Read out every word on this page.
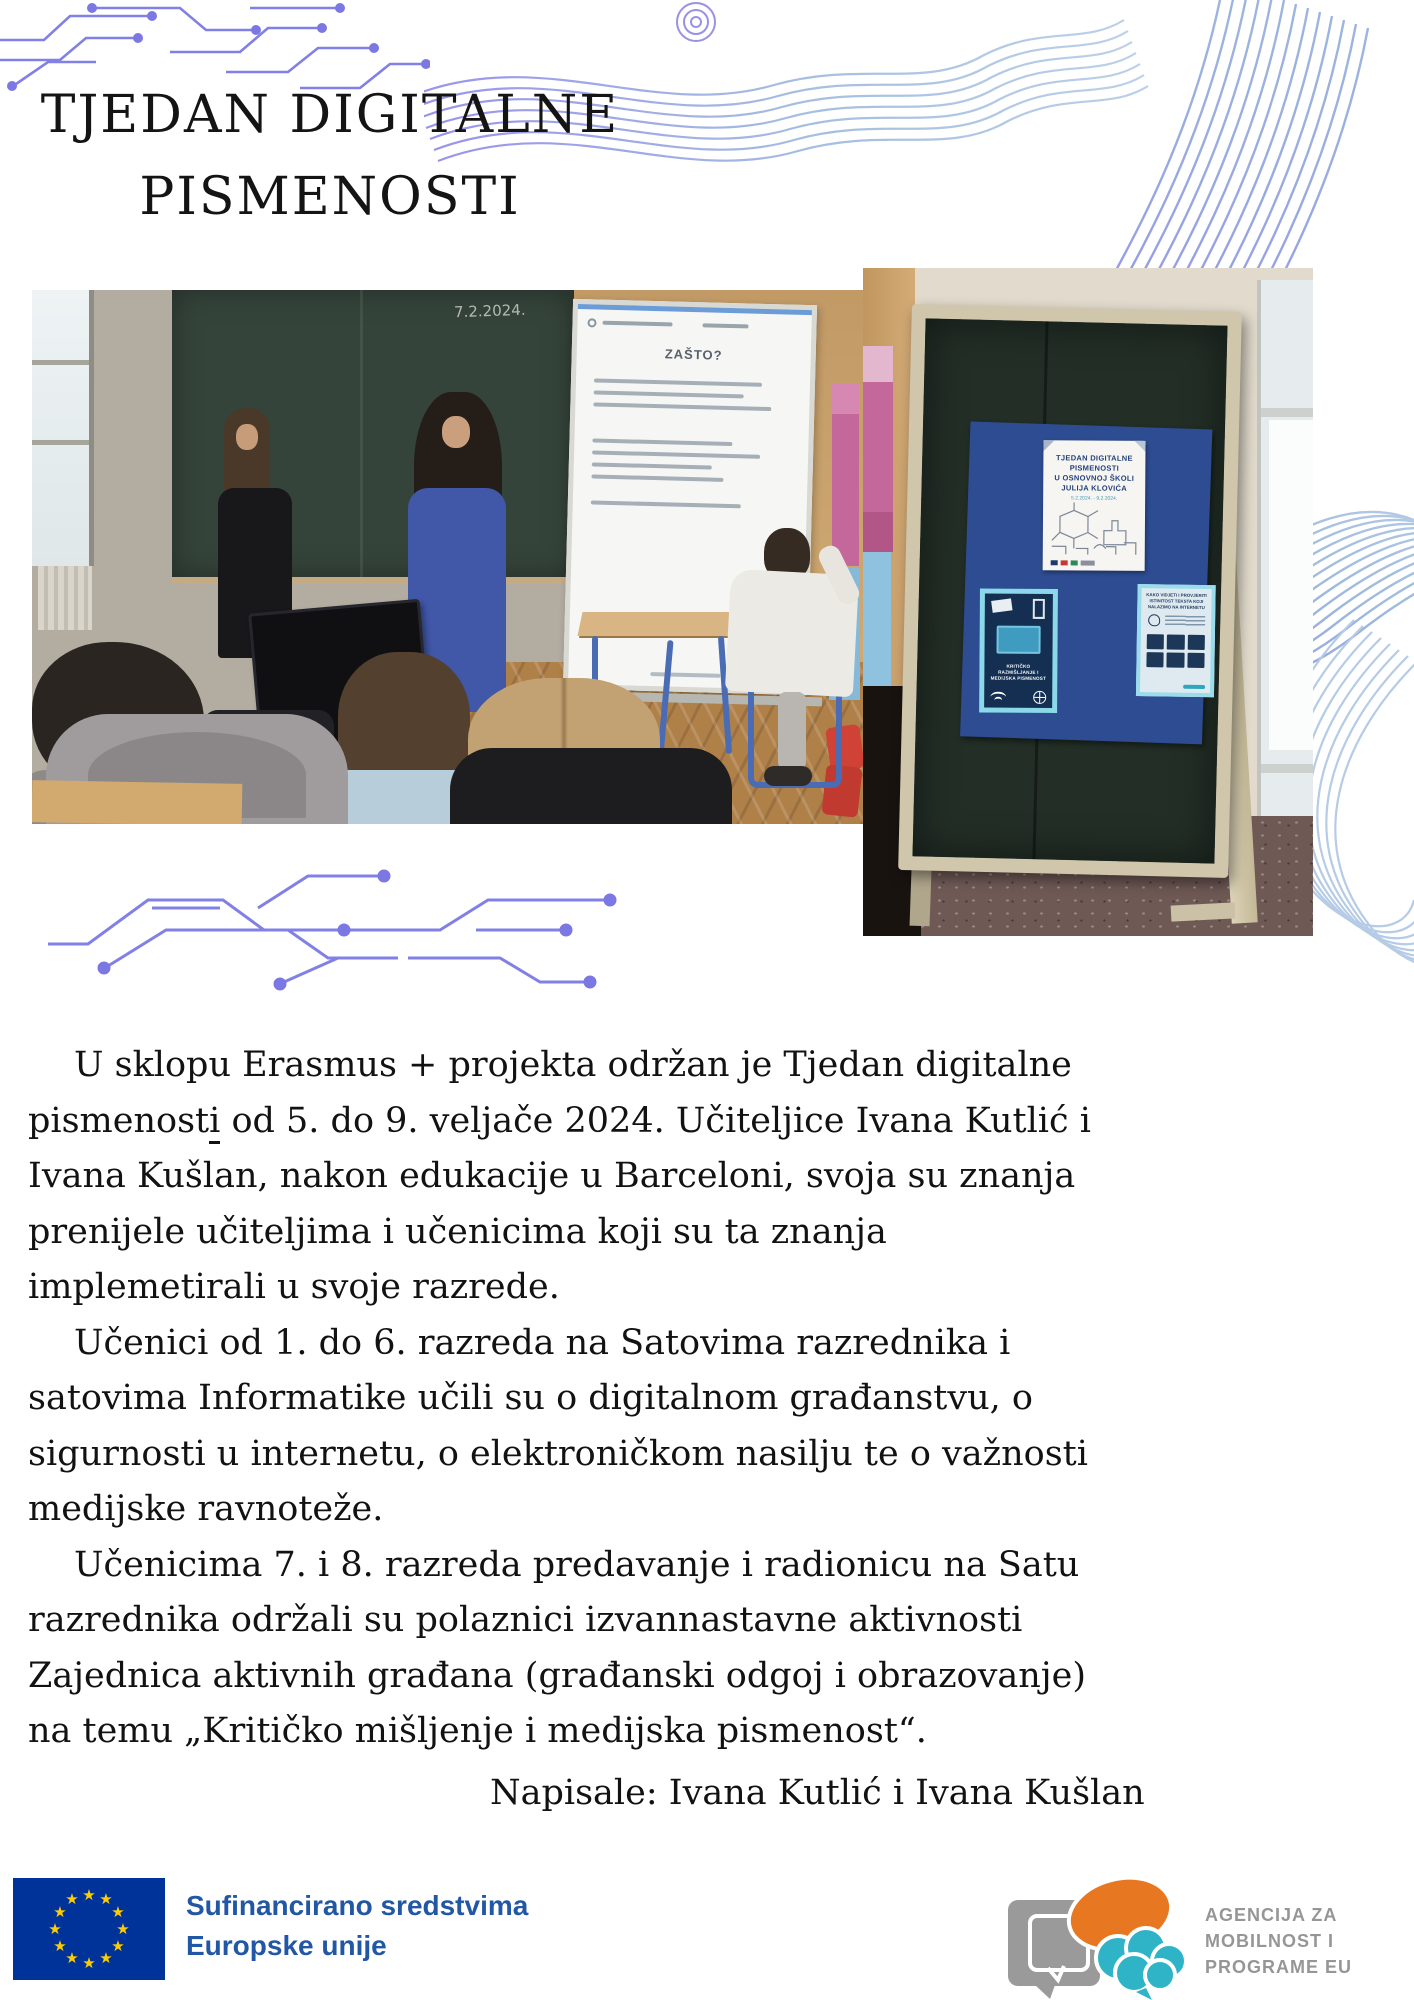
TJEDAN DIGITALNE
PISMENOSTI
7.2.2024.
ZAŠTO?
TJEDAN DIGITALNE
PISMENOSTI
U OSNOVNOJ ŠKOLI
JULIJA KLOVIĆA
5.2.2024. - 9.2.2024.
KRITIČKO
RAZMIŠLJANJE I
MEDIJSKA PISMENOST
KAKO VIDJETI I PROVJERITI
ISTINITOST TEKSTA KOJI
NALAZIMO NA INTERNETU

U sklopu Erasmus + projekta održan je Tjedan digitalne pismenosti od 5. do 9. veljače 2024. Učiteljice Ivana Kutlić i Ivana Kušlan, nakon edukacije u Barceloni, svoja su znanja prenijele učiteljima i učenicima koji su ta znanja implemetirali u svoje razrede.

Učenici od 1. do 6. razreda na Satovima razrednika i satovima Informatike učili su o digitalnom građanstvu, o sigurnosti u internetu, o elektroničkom nasilju te o važnosti medijske ravnoteže.

Učenicima 7. i 8. razreda predavanje i radionicu na Satu razrednika održali su polaznici izvannastavne aktivnosti Zajednica aktivnih građana (građanski odgoj i obrazovanje) na temu „Kritičko mišljenje i medijska pismenost“.

Napisale: Ivana Kutlić i Ivana Kušlan
★ ★
★
★
★
★
★
★
★
★
★
★	Sufinancirano sredstvima
Europske unije
AGENCIJA ZA
MOBILNOST I
PROGRAME EU
